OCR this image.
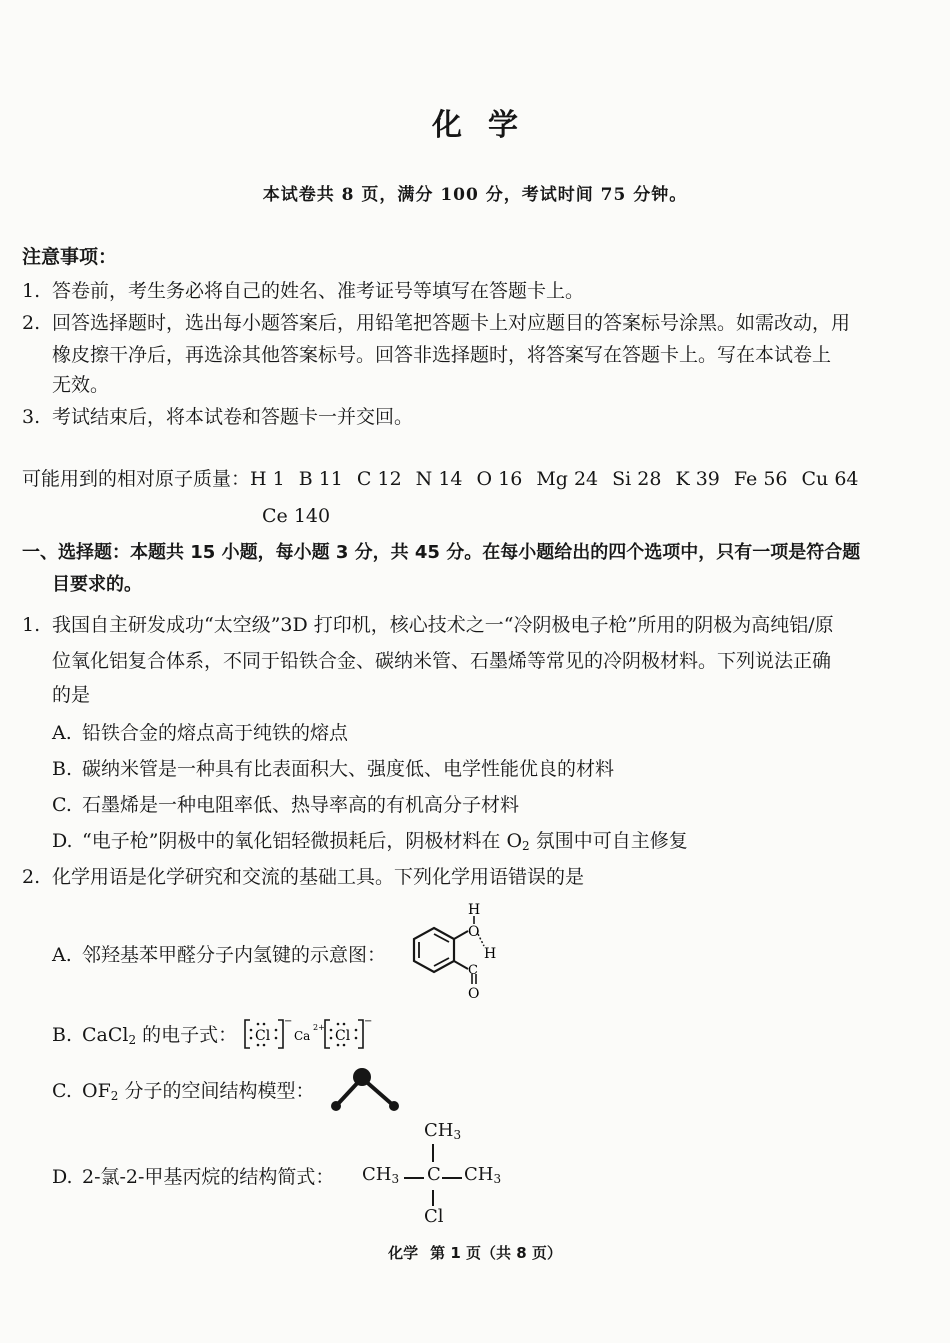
化学
本试卷共 8 页，满分 100 分，考试时间 75 分钟。
注意事项：
1. 答卷前，考生务必将自己的姓名、准考证号等填写在答题卡上。
2. 回答选择题时，选出每小题答案后，用铅笔把答题卡上对应题目的答案标号涂黑。如需改动，用
橡皮擦干净后，再选涂其他答案标号。回答非选择题时，将答案写在答题卡上。写在本试卷上
无效。
3. 考试结束后，将本试卷和答题卡一并交回。
可能用到的相对原子质量：H 1 B 11 C 12 N 14 O 16 Mg 24 Si 28 K 39 Fe 56 Cu 64
Ce 140
一、选择题：本题共 15 小题，每小题 3 分，共 45 分。在每小题给出的四个选项中，只有一项是符合题
目要求的。
1. 我国自主研发成功“太空级”3D 打印机，核心技术之一“冷阴极电子枪”所用的阴极为高纯铝/原
位氧化铝复合体系，不同于铅铁合金、碳纳米管、石墨烯等常见的冷阴极材料。下列说法正确
的是
A. 铅铁合金的熔点高于纯铁的熔点
B. 碳纳米管是一种具有比表面积大、强度低、电学性能优良的材料
C. 石墨烯是一种电阻率低、热导率高的有机高分子材料
D. “电子枪”阴极中的氧化铝轻微损耗后，阴极材料在 $O_2$ 氛围中可自主修复
2. 化学用语是化学研究和交流的基础工具。下列化学用语错误的是
A. 邻羟基苯甲醛分子内氢键的示意图：
H
O
H
C
O
B. CaCl$_2$ 的电子式： Cl
−
Ca
2+
Cl
−
C. $OF_2$ 分子的空间结构模型：
D. 2-氯-2-甲基丙烷的结构简式：
$CH_3$
$CH_3$ C $CH_3$
Cl
化学 第 1 页（共 8 页）
